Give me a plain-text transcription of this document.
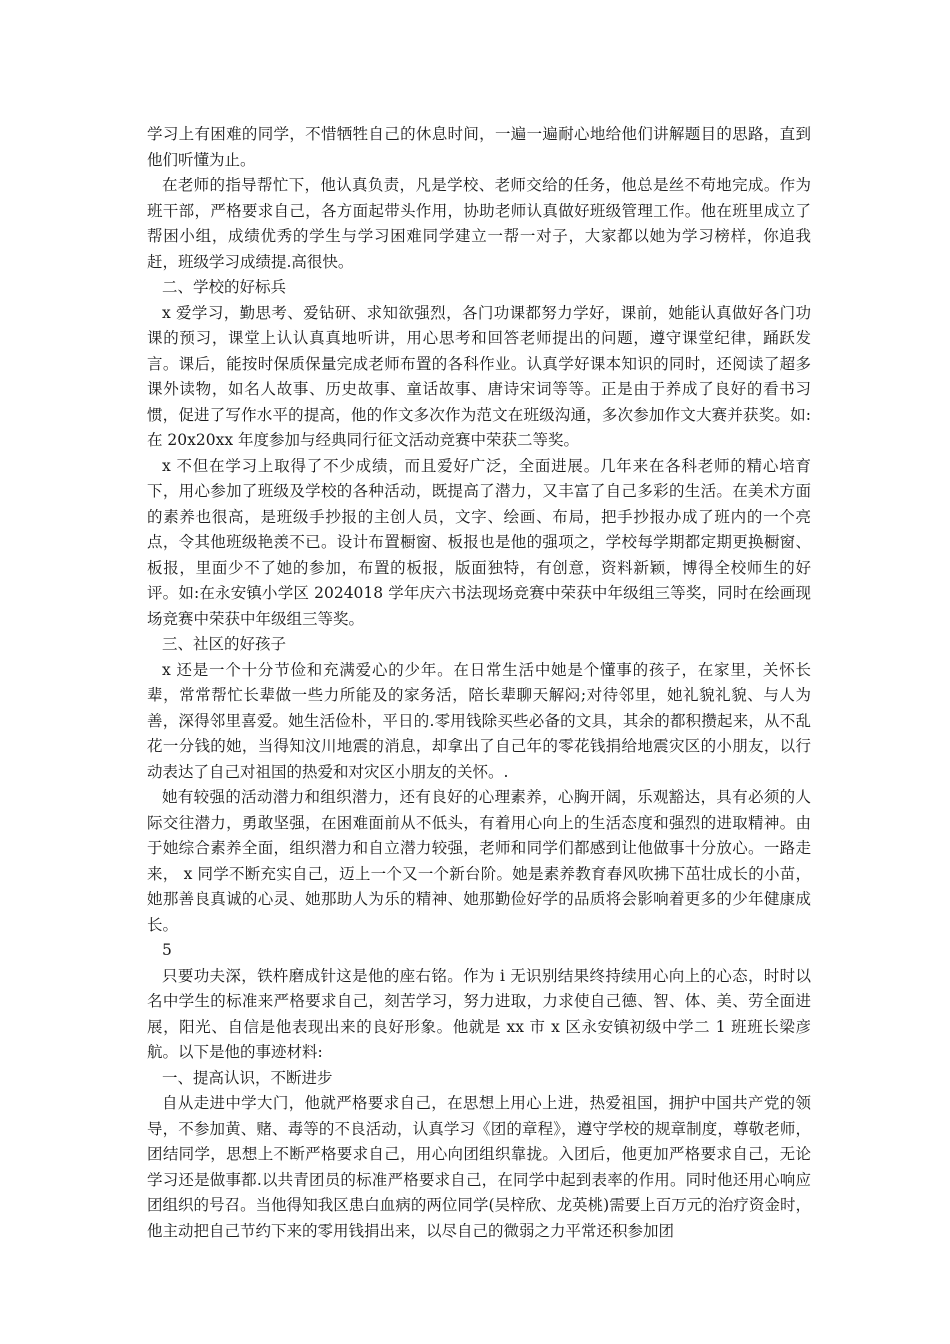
学习上有困难的同学，不惜牺牲自己的休息时间，一遍一遍耐心地给他们讲解题目的思路，直到他们听懂为止。

在老师的指导帮忙下，他认真负责，凡是学校、老师交给的任务，他总是丝不苟地完成。作为班干部，严格要求自己，各方面起带头作用，协助老师认真做好班级管理工作。他在班里成立了帮困小组，成绩优秀的学生与学习困难同学建立一帮一对子，大家都以她为学习榜样，你追我赶，班级学习成绩提.高很快。

二、学校的好标兵

x 爱学习，勤思考、爱钻研、求知欲强烈，各门功课都努力学好，课前，她能认真做好各门功课的预习，课堂上认认真真地听讲，用心思考和回答老师提出的问题，遵守课堂纪律，踊跃发言。课后，能按时保质保量完成老师布置的各科作业。认真学好课本知识的同时，还阅读了超多课外读物，如名人故事、历史故事、童话故事、唐诗宋词等等。正是由于养成了良好的看书习惯，促进了写作水平的提高，他的作文多次作为范文在班级沟通，多次参加作文大赛并获奖。如:在 20x20xx 年度参加与经典同行征文活动竞赛中荣获二等奖。

x 不但在学习上取得了不少成绩，而且爱好广泛，全面进展。几年来在各科老师的精心培育下，用心参加了班级及学校的各种活动，既提高了潜力，又丰富了自己多彩的生活。在美术方面的素养也很高，是班级手抄报的主创人员，文字、绘画、布局，把手抄报办成了班内的一个亮点，令其他班级艳羡不已。设计布置橱窗、板报也是他的强项之，学校每学期都定期更换橱窗、板报，里面少不了她的参加，布置的板报，版面独特，有创意，资料新颖，博得全校师生的好评。如:在永安镇小学区 2024018 学年庆六书法现场竞赛中荣获中年级组三等奖，同时在绘画现场竞赛中荣获中年级组三等奖。

三、社区的好孩子

x 还是一个十分节俭和充满爱心的少年。在日常生活中她是个懂事的孩子，在家里，关怀长辈，常常帮忙长辈做一些力所能及的家务活，陪长辈聊天解闷;对待邻里，她礼貌礼貌、与人为善，深得邻里喜爱。她生活俭朴，平日的.零用钱除买些必备的文具，其余的都积攒起来，从不乱花一分钱的她，当得知汶川地震的消息，却拿出了自己年的零花钱捐给地震灾区的小朋友，以行动表达了自己对祖国的热爱和对灾区小朋友的关怀。.

她有较强的活动潜力和组织潜力，还有良好的心理素养，心胸开阔，乐观豁达，具有必须的人际交往潜力，勇敢坚强，在困难面前从不低头，有着用心向上的生活态度和强烈的进取精神。由于她综合素养全面，组织潜力和自立潜力较强，老师和同学们都感到让他做事十分放心。一路走来， x 同学不断充实自己，迈上一个又一个新台阶。她是素养教育春风吹拂下茁壮成长的小苗，她那善良真诚的心灵、她那助人为乐的精神、她那勤俭好学的品质将会影响着更多的少年健康成长。

5

只要功夫深，铁杵磨成针这是他的座右铭。作为 i 无识别结果终持续用心向上的心态，时时以名中学生的标准来严格要求自己，刻苦学习，努力进取，力求使自己德、智、体、美、劳全面进展，阳光、自信是他表现出来的良好形象。他就是 xx 市 x 区永安镇初级中学二 1 班班长梁彦航。以下是他的事迹材料:

一、提高认识，不断进步

自从走进中学大门，他就严格要求自己，在思想上用心上进，热爱祖国，拥护中国共产党的领导，不参加黄、赌、毒等的不良活动，认真学习《团的章程》，遵守学校的规章制度，尊敬老师，团结同学，思想上不断严格要求自己，用心向团组织靠拢。入团后，他更加严格要求自己，无论学习还是做事都.以共青团员的标准严格要求自己，在同学中起到表率的作用。同时他还用心响应团组织的号召。当他得知我区患白血病的两位同学(吴梓欣、龙英桃)需要上百万元的治疗资金时，他主动把自己节约下来的零用钱捐出来，以尽自己的微弱之力平常还积参加团
